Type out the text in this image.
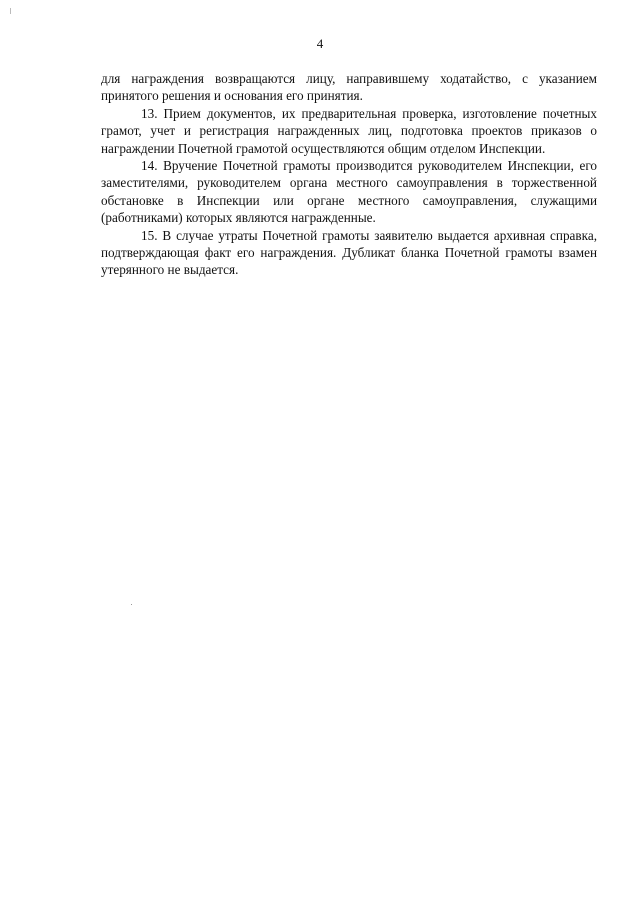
4

для награждения возвращаются лицу, направившему ходатайство, с указанием принятого решения и основания его принятия.

13. Прием документов, их предварительная проверка, изготовление почетных грамот, учет и регистрация награжденных лиц, подготовка проектов приказов о награждении Почетной грамотой осуществляются общим отделом Инспекции.

14. Вручение Почетной грамоты производится руководителем Инспекции, его заместителями, руководителем органа местного самоуправления в торжественной обстановке в Инспекции или органе местного самоуправления, служащими (работниками) которых являются награжденные.

15. В случае утраты Почетной грамоты заявителю выдается архивная справка, подтверждающая факт его награждения. Дубликат бланка Почетной грамоты взамен утерянного не выдается.
